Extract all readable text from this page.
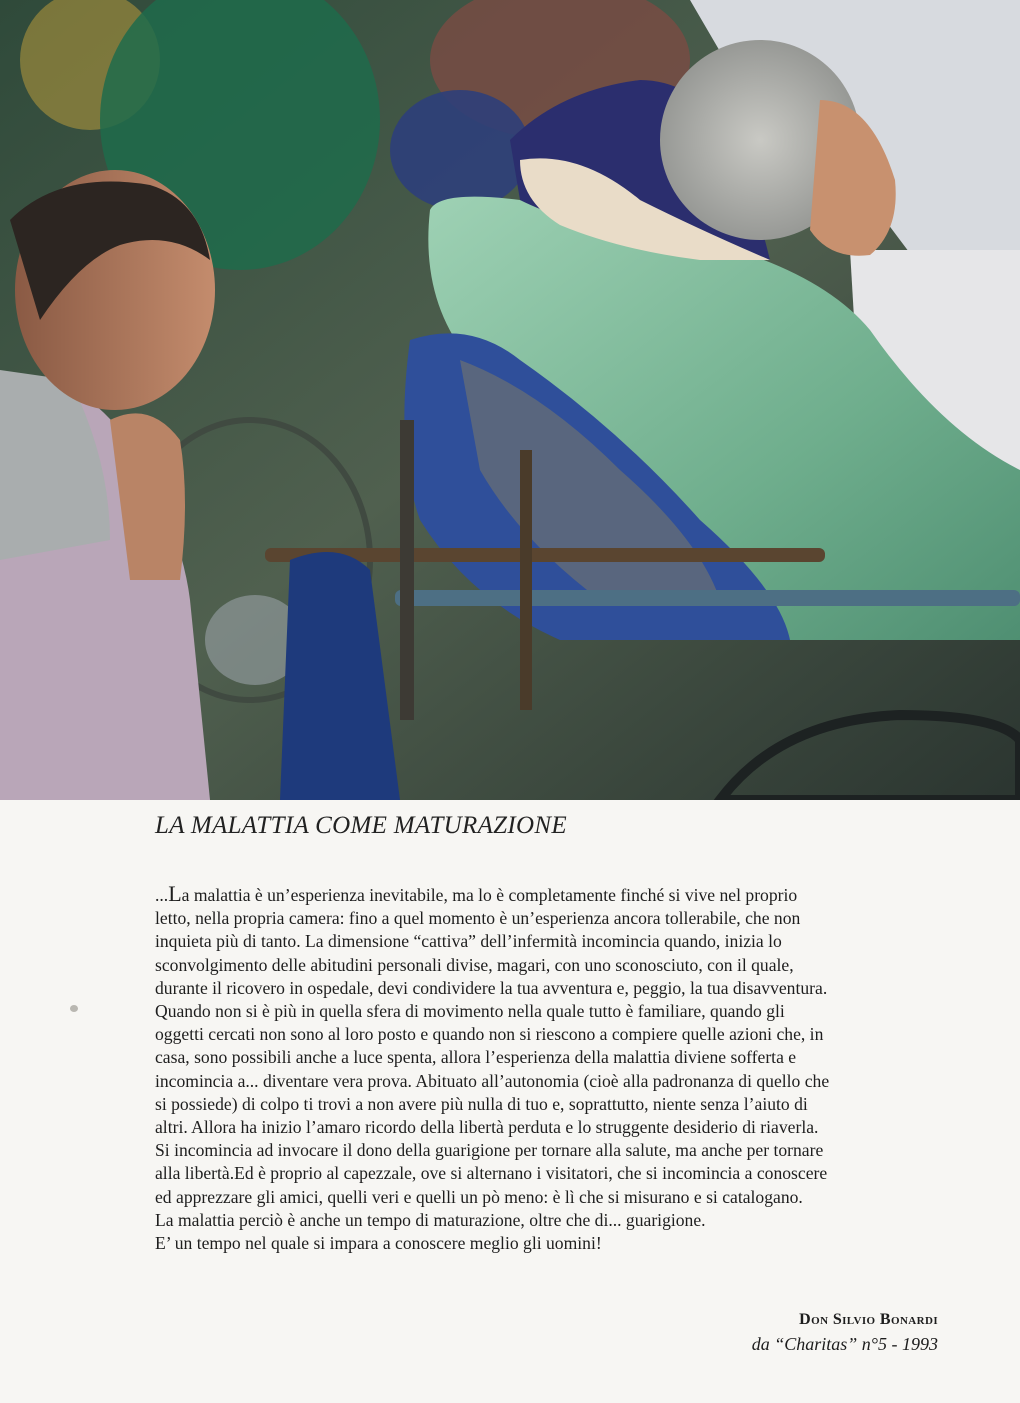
LA MALATTIA COME MATURAZIONE
...La malattia è un’esperienza inevitabile, ma lo è completamente finché si vive nel proprio
letto, nella propria camera: fino a quel momento è un’esperienza ancora tollerabile, che non
inquieta più di tanto. La dimensione “cattiva” dell’infermità incomincia quando, inizia lo
sconvolgimento delle abitudini personali divise, magari, con uno sconosciuto, con il quale,
durante il ricovero in ospedale, devi condividere la tua avventura e, peggio, la tua disavventura.
Quando non si è più in quella sfera di movimento nella quale tutto è familiare, quando gli
oggetti cercati non sono al loro posto e quando non si riescono a compiere quelle azioni che, in
casa, sono possibili anche a luce spenta, allora l’esperienza della malattia diviene sofferta e
incomincia a... diventare vera prova. Abituato all’autonomia (cioè alla padronanza di quello che
si possiede) di colpo ti trovi a non avere più nulla di tuo e, soprattutto, niente senza l’aiuto di
altri. Allora ha inizio l’amaro ricordo della libertà perduta e lo struggente desiderio di riaverla.
Si incomincia ad invocare il dono della guarigione per tornare alla salute, ma anche per tornare
alla libertà.Ed è proprio al capezzale, ove si alternano i visitatori, che si incomincia a conoscere
ed apprezzare gli amici, quelli veri e quelli un pò meno: è lì che si misurano e si catalogano.
La malattia perciò è anche un tempo di maturazione, oltre che di... guarigione.
E’ un tempo nel quale si impara a conoscere meglio gli uomini!
Don Silvio Bonardi
da “Charitas” n°5 - 1993
